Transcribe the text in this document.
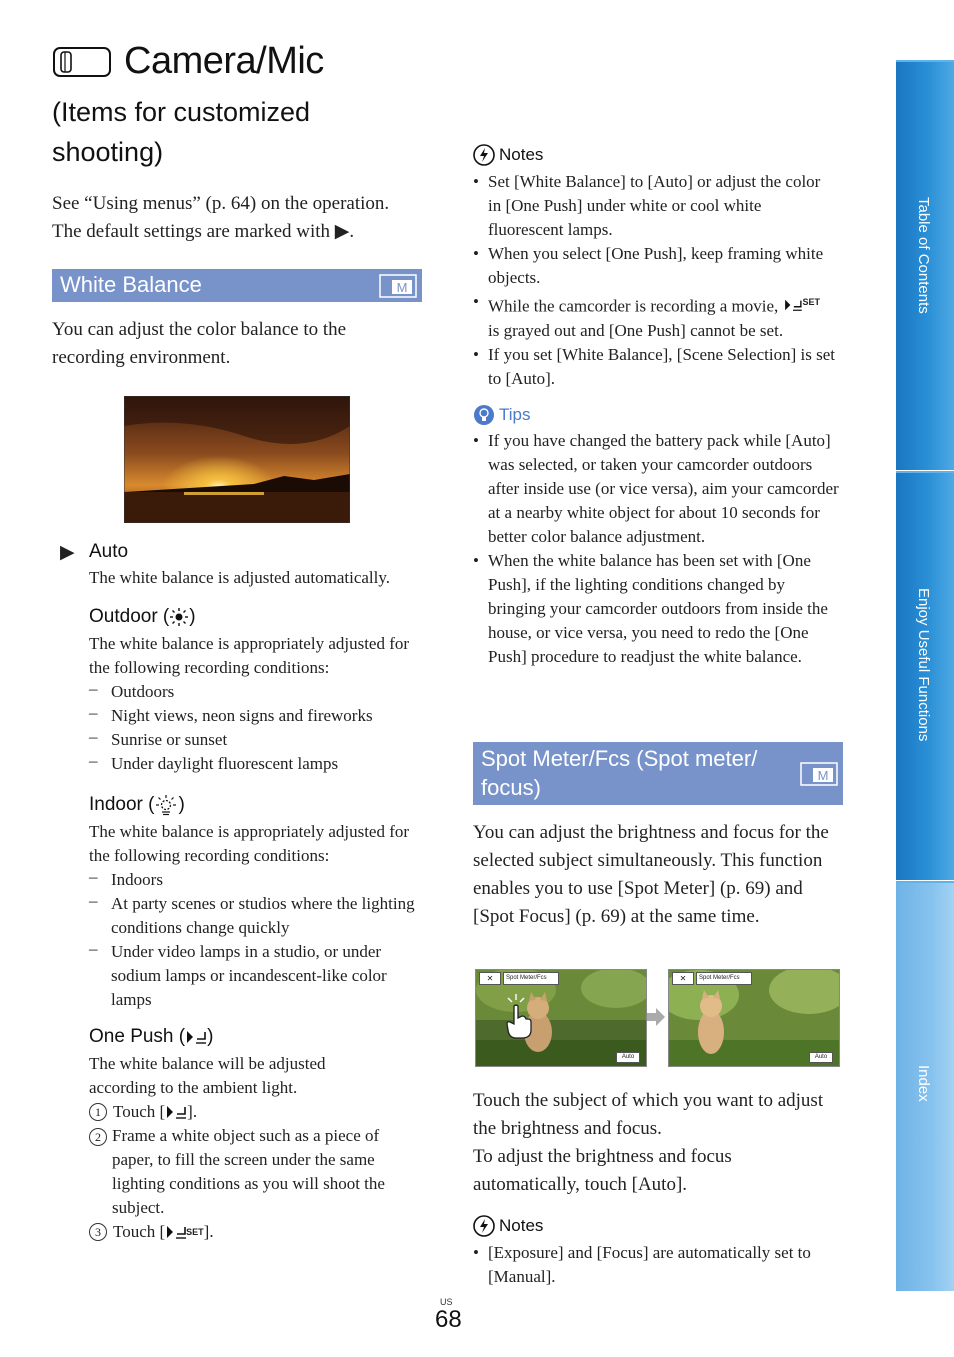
Camera/Mic
(Items for customized shooting)
See “Using menus” (p. 64) on the operation.
The default settings are marked with ▶.
White Balance	M
You can adjust the color balance to the recording environment.
▶ Auto
The white balance is adjusted automatically.
Outdoor ( )
The white balance is appropriately adjusted for the following recording conditions:
– Outdoors
– Night views, neon signs and fireworks
– Sunrise or sunset
– Under daylight fluorescent lamps
Indoor ( )
The white balance is appropriately adjusted for the following recording conditions:
– Indoors
– At party scenes or studios where the lighting conditions change quickly
– Under video lamps in a studio, or under sodium lamps or incandescent-like color lamps
One Push ( )
The white balance will be adjusted according to the ambient light.
1 Touch [ ].
2 Frame a white object such as a piece of paper, to fill the screen under the same lighting conditions as you will shoot the subject.
3 Touch [ SET ].
Notes
• Set [White Balance] to [Auto] or adjust the color in [One Push] under white or cool white fluorescent lamps.
• When you select [One Push], keep framing white objects.
• While the camcorder is recording a movie,	$^{SET}$ is grayed out and [One Push] cannot be set.
• If you set [White Balance], [Scene Selection] is set to [Auto].
Tips
• If you have changed the battery pack while [Auto] was selected, or taken your camcorder outdoors after inside use (or vice versa), aim your camcorder at a nearby white object for about 10 seconds for better color balance adjustment.
• When the white balance has been set with [One Push], if the lighting conditions changed by bringing your camcorder outdoors from inside the house, or vice versa, you need to redo the [One Push] procedure to readjust the white balance.
Spot Meter/Fcs (Spot meter/ focus)	M
You can adjust the brightness and focus for the selected subject simultaneously. This function enables you to use [Spot Meter] (p. 69) and [Spot Focus] (p. 69) at the same time.
✕	Spot Meter/Fcs
Auto
✕	Spot Meter/Fcs
Auto
Touch the subject of which you want to adjust the brightness and focus.
To adjust the brightness and focus automatically, touch [Auto].
Notes
• [Exposure] and [Focus] are automatically set to [Manual].
US
68
Table of Contents
Enjoy Useful Functions
Index
